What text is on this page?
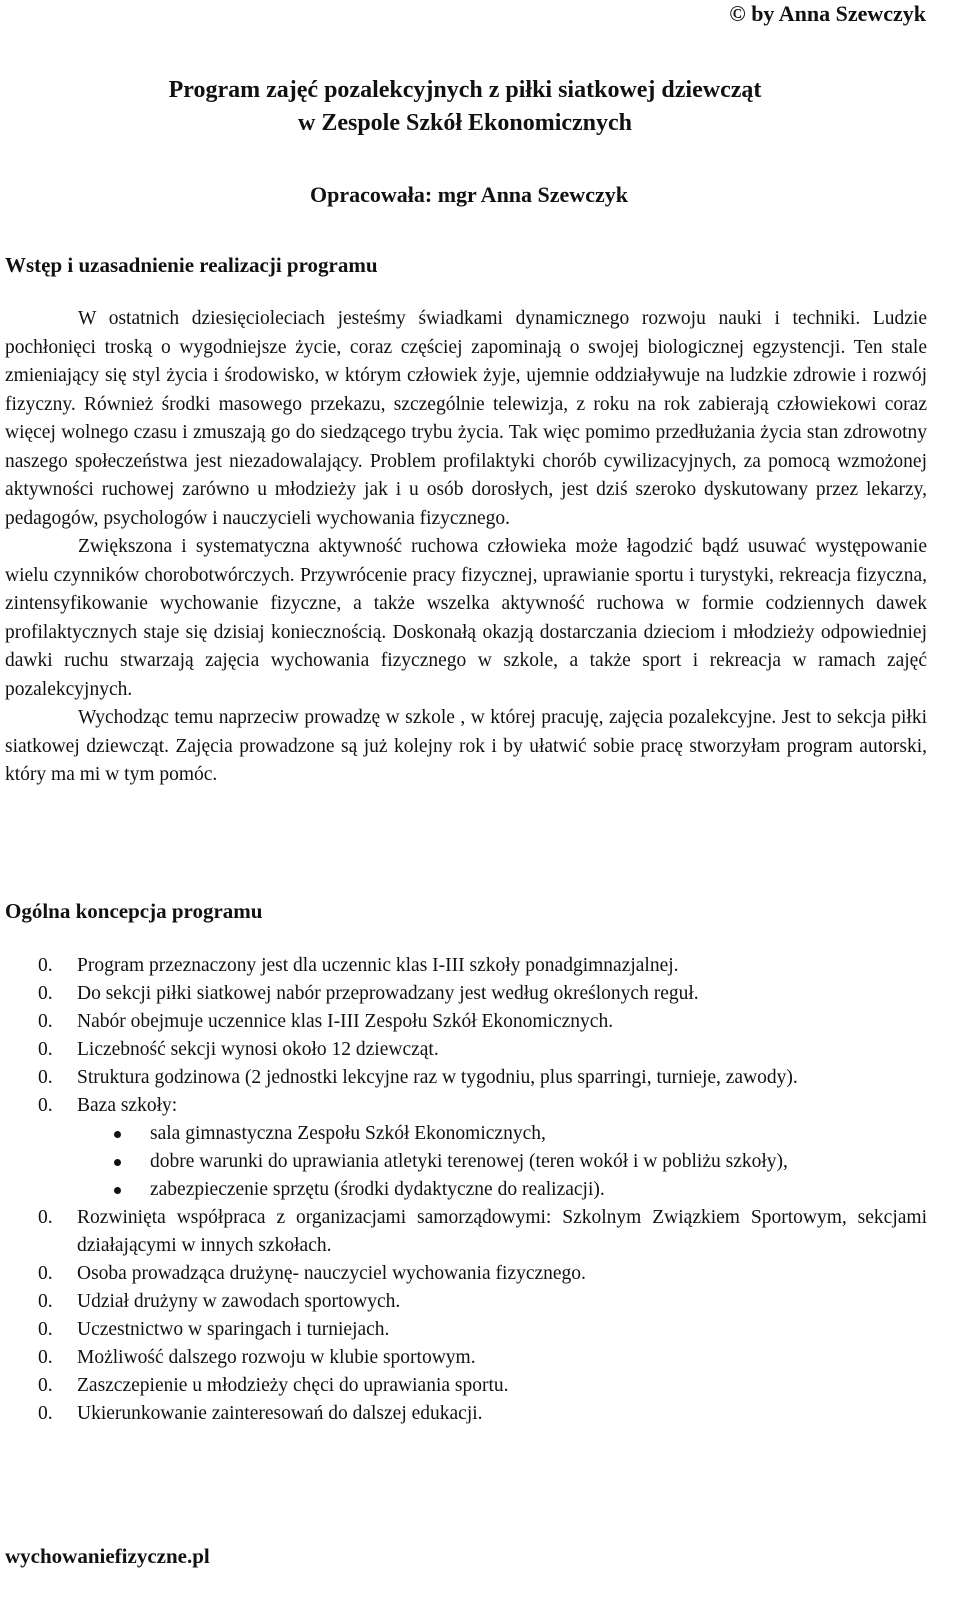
© by Anna Szewczyk
Program zajęć pozalekcyjnych z piłki siatkowej dziewcząt
w Zespole Szkół Ekonomicznych
Opracowała: mgr Anna Szewczyk
Wstęp i uzasadnienie realizacji programu

W ostatnich dziesięcioleciach jesteśmy świadkami dynamicznego rozwoju nauki i techniki. Ludzie pochłonięci troską o wygodniejsze życie, coraz częściej zapominają o swojej biologicznej egzystencji. Ten stale zmieniający się styl życia i środowisko, w którym człowiek żyje, ujemnie oddziaływuje na ludzkie zdrowie i rozwój fizyczny. Również środki masowego przekazu, szczególnie telewizja, z roku na rok zabierają człowiekowi coraz więcej wolnego czasu i zmuszają go do siedzącego trybu życia. Tak więc pomimo przedłużania życia stan zdrowotny naszego społeczeństwa jest niezadowalający. Problem profilaktyki chorób cywilizacyjnych, za pomocą wzmożonej aktywności ruchowej zarówno u młodzieży jak i u osób dorosłych, jest dziś szeroko dyskutowany przez lekarzy, pedagogów, psychologów i nauczycieli wychowania fizycznego.

Zwiększona i systematyczna aktywność ruchowa człowieka może łagodzić bądź usuwać występowanie wielu czynników chorobotwórczych. Przywrócenie pracy fizycznej, uprawianie sportu i turystyki, rekreacja fizyczna, zintensyfikowanie wychowanie fizyczne, a także wszelka aktywność ruchowa w formie codziennych dawek profilaktycznych staje się dzisiaj koniecznością. Doskonałą okazją dostarczania dzieciom i młodzieży odpowiedniej dawki ruchu stwarzają zajęcia wychowania fizycznego w szkole, a także sport i rekreacja w ramach zajęć pozalekcyjnych.

Wychodząc temu naprzeciw prowadzę w szkole , w której pracuję, zajęcia pozalekcyjne. Jest to sekcja piłki siatkowej dziewcząt. Zajęcia prowadzone są już kolejny rok i by ułatwić sobie pracę stworzyłam program autorski, który ma mi w tym pomóc.

Ogólna koncepcja programu
0. Program przeznaczony jest dla uczennic klas I-III szkoły ponadgimnazjalnej.
0. Do sekcji piłki siatkowej nabór przeprowadzany jest według określonych reguł.
0. Nabór obejmuje uczennice klas I-III Zespołu Szkół Ekonomicznych.
0. Liczebność sekcji wynosi około 12 dziewcząt.
0. Struktura godzinowa (2 jednostki lekcyjne raz w tygodniu, plus sparringi, turnieje, zawody).
0. Baza szkoły:
sala gimnastyczna Zespołu Szkół Ekonomicznych,
dobre warunki do uprawiania atletyki terenowej (teren wokół i w pobliżu szkoły),
zabezpieczenie sprzętu (środki dydaktyczne do realizacji).
0. Rozwinięta współpraca z organizacjami samorządowymi: Szkolnym Związkiem Sportowym, sekcjami działającymi w innych szkołach.
0. Osoba prowadząca drużynę- nauczyciel wychowania fizycznego.
0. Udział drużyny w zawodach sportowych.
0. Uczestnictwo w sparingach i turniejach.
0. Możliwość dalszego rozwoju w klubie sportowym.
0. Zaszczepienie u młodzieży chęci do uprawiania sportu.
0. Ukierunkowanie zainteresowań do dalszej edukacji.
wychowaniefizyczne.pl
